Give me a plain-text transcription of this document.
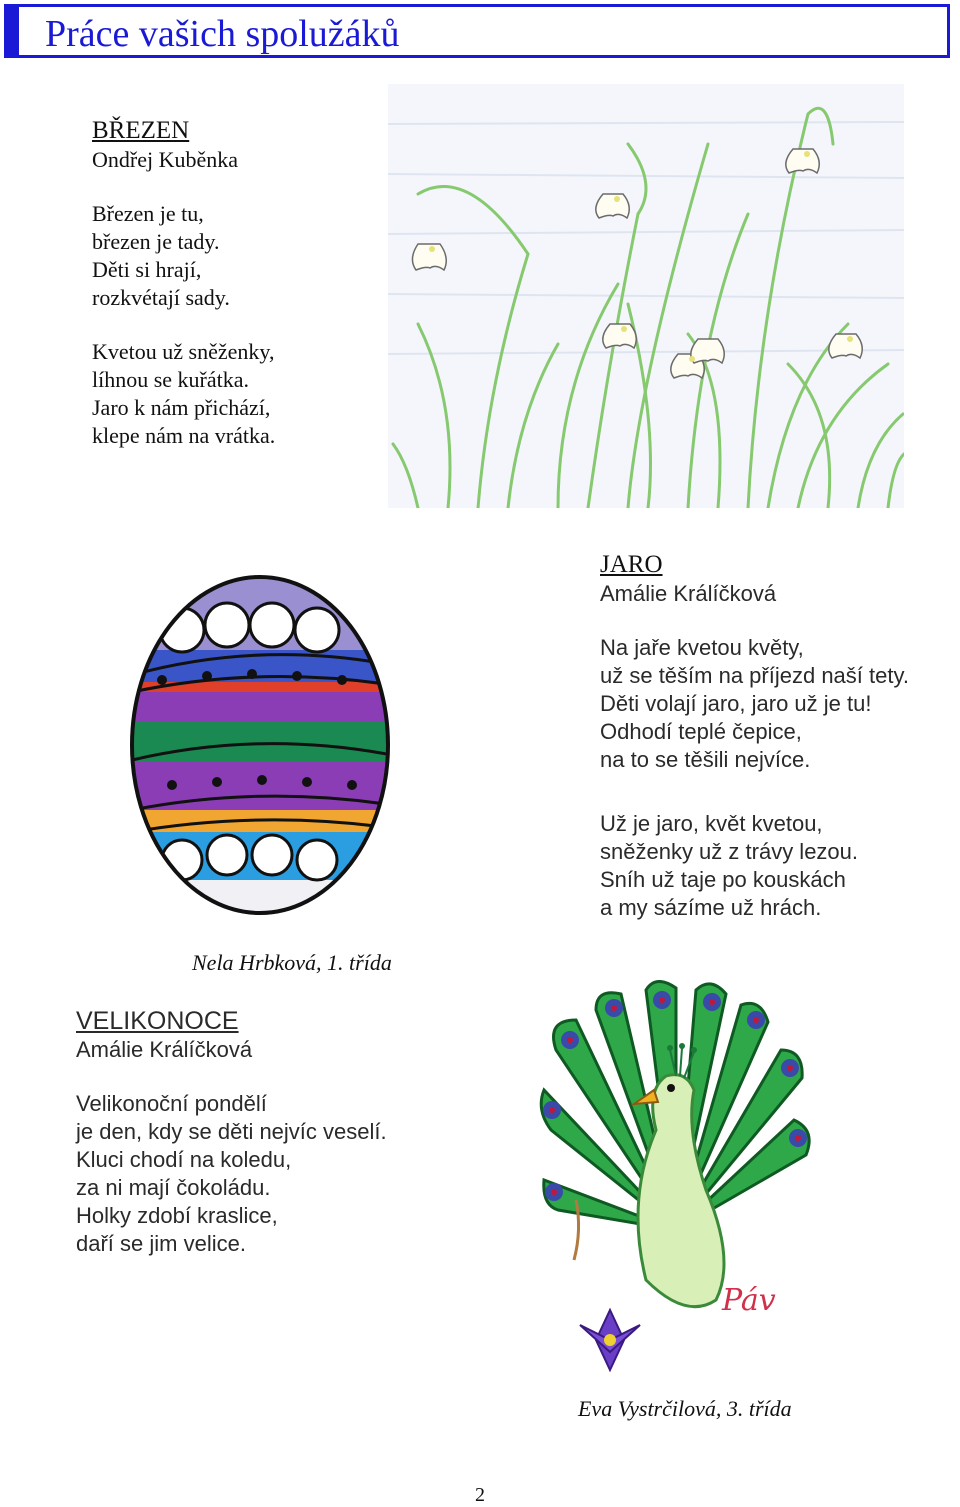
Práce vašich spolužáků
BŘEZEN
Ondřej Kuběnka
Březen je tu,
březen je tady.
Děti si hrají,
rozkvétají sady.
Kvetou už sněženky,
líhnou se kuřátka.
Jaro k nám přichází,
klepe nám na vrátka.
JARO
Amálie Králíčková
Na jaře kvetou květy,
už se těším na příjezd naší tety.
Děti volají jaro, jaro už je tu!
Odhodí teplé čepice,
na to se těšili nejvíce.
Už je jaro, květ kvetou,
sněženky už z trávy lezou.
Sníh už taje po kouskách
a my sázíme už hrách.
Nela Hrbková, 1. třída
VELIKONOCE
Amálie Králíčková
Velikonoční pondělí
je den, kdy se děti nejvíc veselí.
Kluci chodí na koledu,
za ni mají čokoládu.
Holky zdobí kraslice,
daří se jim velice.
Páv
Eva Vystrčilová, 3. třída
2
